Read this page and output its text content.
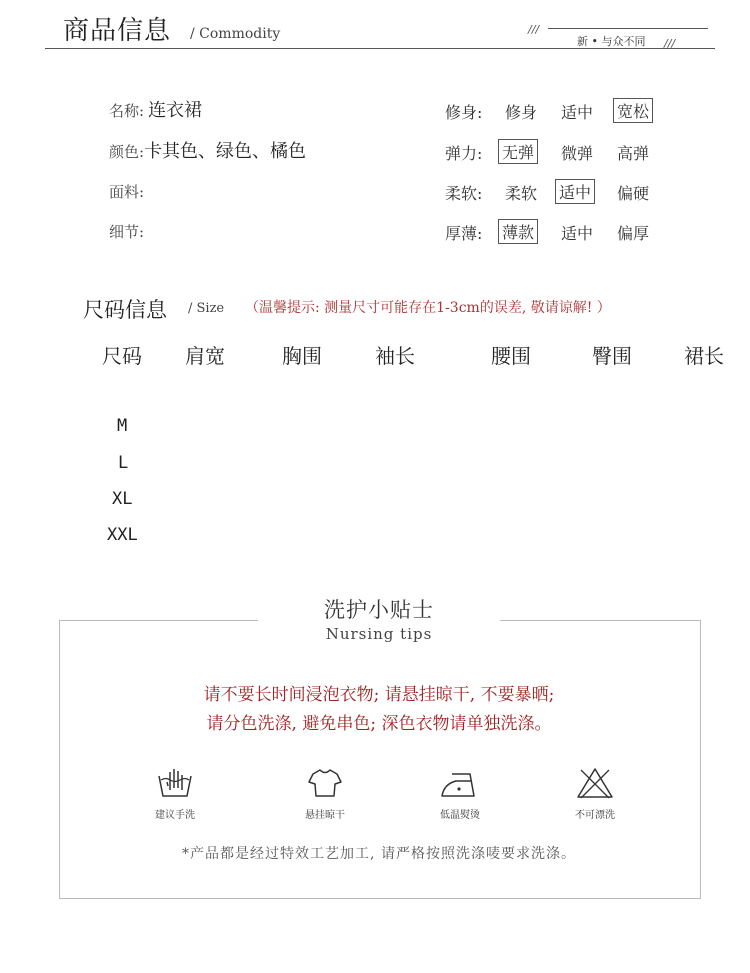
商品信息 / Commodity	///
///
新 • 与众不同
名称: 连衣裙
颜色:卡其色、绿色、橘色
面料:
细节:
修身: 修身 适中 宽松
弹力: 无弹 微弹 高弹
柔软: 柔软 适中 偏硬
厚薄: 薄款 适中 偏厚
尺码信息 / Size （温馨提示: 测量尺寸可能存在1-3cm的误差, 敬请谅解! ）
尺码 肩宽	胸围	袖长	腰围	臀围	裙长
M
L
XL
XXL
洗护小贴士
Nursing tips
请不要长时间浸泡衣物; 请悬挂晾干, 不要暴晒;
请分色洗涤, 避免串色; 深色衣物请单独洗涤。
建议手洗	悬挂晾干	低温熨烫	不可漂洗
*产品都是经过特效工艺加工, 请严格按照洗涤唛要求洗涤。
